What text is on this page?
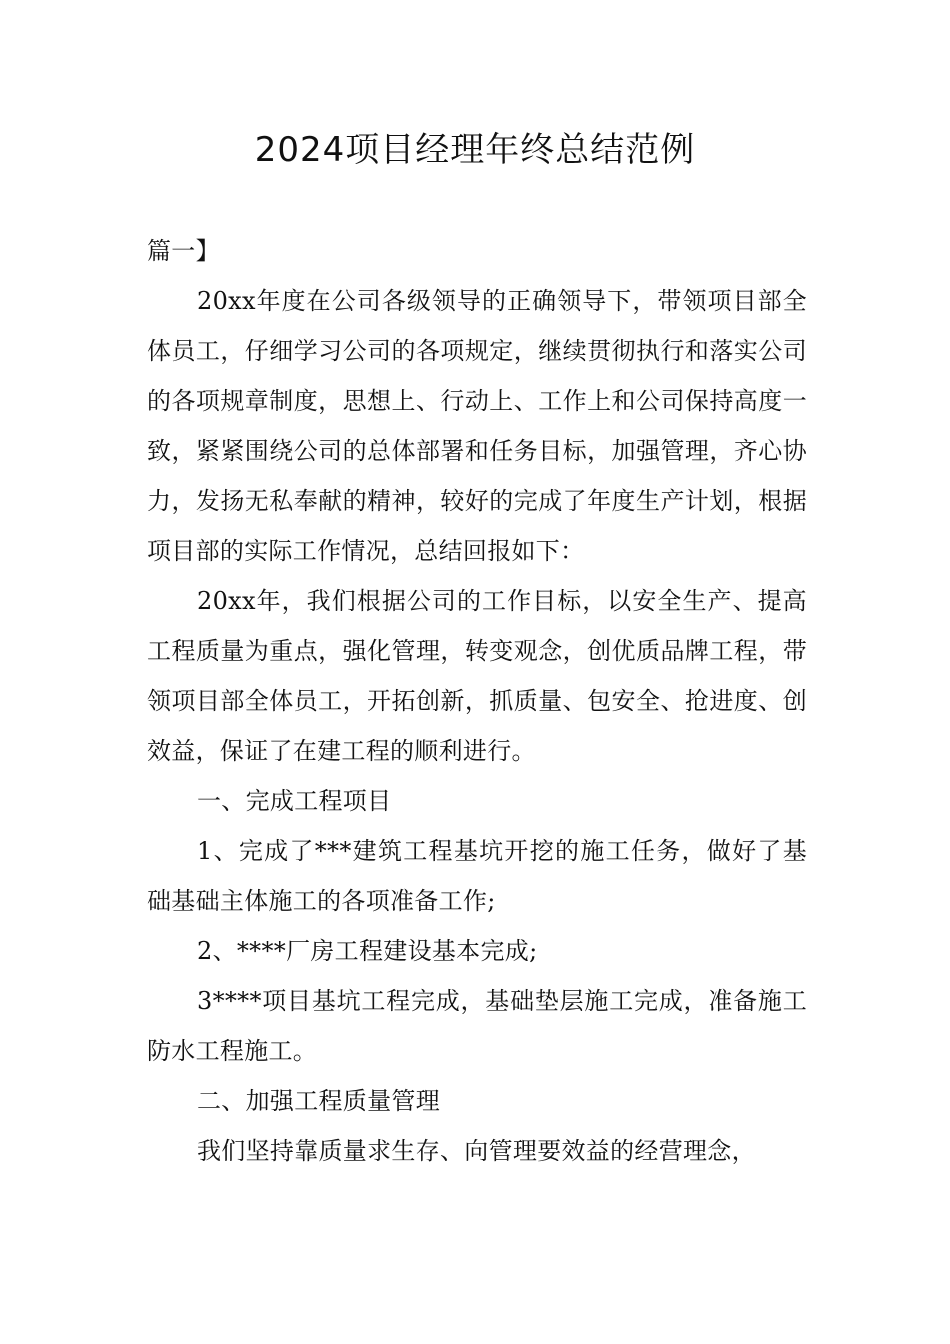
2024项目经理年终总结范例

篇一】

20xx年度在公司各级领导的正确领导下，带领项目部全体员工，仔细学习公司的各项规定，继续贯彻执行和落实公司的各项规章制度，思想上、行动上、工作上和公司保持高度一致，紧紧围绕公司的总体部署和任务目标，加强管理，齐心协力，发扬无私奉献的精神，较好的完成了年度生产计划，根据项目部的实际工作情况，总结回报如下：

20xx年，我们根据公司的工作目标，以安全生产、提高工程质量为重点，强化管理，转变观念，创优质品牌工程，带领项目部全体员工，开拓创新，抓质量、包安全、抢进度、创效益，保证了在建工程的顺利进行。

一、完成工程项目

1、完成了***建筑工程基坑开挖的施工任务，做好了基础基础主体施工的各项准备工作;

2、****厂房工程建设基本完成;

3****项目基坑工程完成，基础垫层施工完成，准备施工防水工程施工。

二、加强工程质量管理

我们坚持靠质量求生存、向管理要效益的经营理念，
